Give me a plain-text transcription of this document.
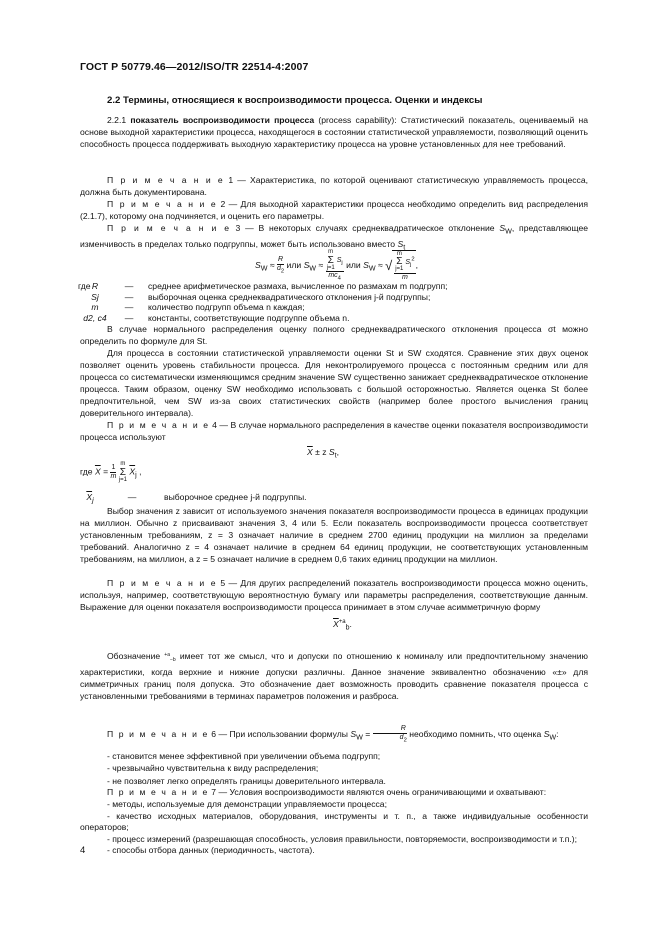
ГОСТ Р 50779.46—2012/ISO/TR 22514-4:2007
2.2 Термины, относящиеся к воспроизводимости процесса. Оценки и индексы
2.2.1 показатель воспроизводимости процесса (process capability): Статистический показатель, оцениваемый на основе выходной характеристики процесса, находящегося в состоянии статистической управляемости, позволяющий оценить способность процесса поддерживать выходную характеристику процесса на уровне установленных для нее требований.
П р и м е ч а н и е 1 — Характеристика, по которой оценивают статистическую управляемость процесса, должна быть документирована.
П р и м е ч а н и е 2 — Для выходной характеристики процесса необходимо определить вид распределения (2.1.7), которому она подчиняется, и оценить его параметры.
П р и м е ч а н и е 3 — В некоторых случаях среднеквадратическое отклонение $S_W$, представляющее изменчивость в пределах только подгруппы, может быть использовано вместо $S_t$
$S_W \approx \frac{R}{d_2}$ или $S_W \approx m$
Σ
j=1 $S_j$
$mc_4$ или $S_W$ ≈ √ m
Σ
j=1 $S_j^2$
m ,
где R	—	среднее арифметическое размаха, вычисленное по размахам m подгрупп;
Sj	—	выборочная оценка среднеквадратического отклонения j-й подгруппы;
m	—	количество подгрупп объема n каждая;
d2, c4	—	константы, соответствующие подгруппе объема n.
В случае нормального распределения оценку полного среднеквадратического отклонения процесса σt можно определить по формуле для St.
Для процесса в состоянии статистической управляемости оценки St и SW сходятся. Сравнение этих двух оценок позволяет оценить уровень стабильности процесса. Для неконтролируемого процесса с постоянным средним или для процесса со систематически изменяющимся средним значение SW существенно занижает среднеквадратическое отклонение процесса. Таким образом, оценку SW необходимо использовать с большой осторожностью. Является оценка St более предпочтительной, чем SW из-за своих статистических свойств (например более простого вычисления границ доверительного интервала).
П р и м е ч а н и е 4 — В случае нормального распределения в качестве оценки показателя воспроизводимости процесса используют
$\overline{X} \pm z$ $S_t$,
где $\overline{X} = \frac{1}{m}$ m
Σ
j=1 $\overline{X}_j$ ,
$\overline{X}_j$	—	выборочное среднее j-й подгруппы.
Выбор значения z зависит от используемого значения показателя воспроизводимости процесса в единицах продукции на миллион. Обычно z присваивают значения 3, 4 или 5. Если показатель воспроизводимости процесса соответствует установленным требованиям, z = 3 означает наличие в среднем 2700 единиц продукции на миллион за пределами требований. Аналогично z = 4 означает наличие в среднем 64 единиц продукции, не соответствующих установленным требованиям, на миллион, а z = 5 означает наличие в среднем 0,6 таких единиц продукции на миллион.
П р и м е ч а н и е 5 — Для других распределений показатель воспроизводимости процесса можно оценить, используя, например, соответствующую вероятностную бумагу или параметры распределения, соответствующие данным. Выражение для оценки показателя воспроизводимости процесса принимает в этом случае асимметричную форму
$\overline{X}^{+a}_b$.
Обозначение $^{+a}_{-b}$ имеет тот же смысл, что и допуски по отношению к номиналу или предпочтительному значению характеристики, когда верхние и нижние допуски различны. Данное значение эквивалентно обозначению «±» для симметричных границ поля допуска. Это обозначение дает возможность проводить сравнение показателя процесса с установленными требованиями в терминах параметров положения и разброса.
П р и м е ч а н и е 6 — При использовании формулы $S_W = \frac{R}{d_2}$ необходимо помнить, что оценка $S_W$:
- становится менее эффективной при увеличении объема подгрупп;
- чрезвычайно чувствительна к виду распределения;
- не позволяет легко определять границы доверительного интервала.
П р и м е ч а н и е 7 — Условия воспроизводимости являются очень ограничивающими и охватывают:
- методы, используемые для демонстрации управляемости процесса;
- качество исходных материалов, оборудования, инструменты и т. п., а также индивидуальные особенности операторов;
- процесс измерений (разрешающая способность, условия правильности, повторяемости, воспроизводимости и т.п.);
- способы отбора данных (периодичность, частота).
4
